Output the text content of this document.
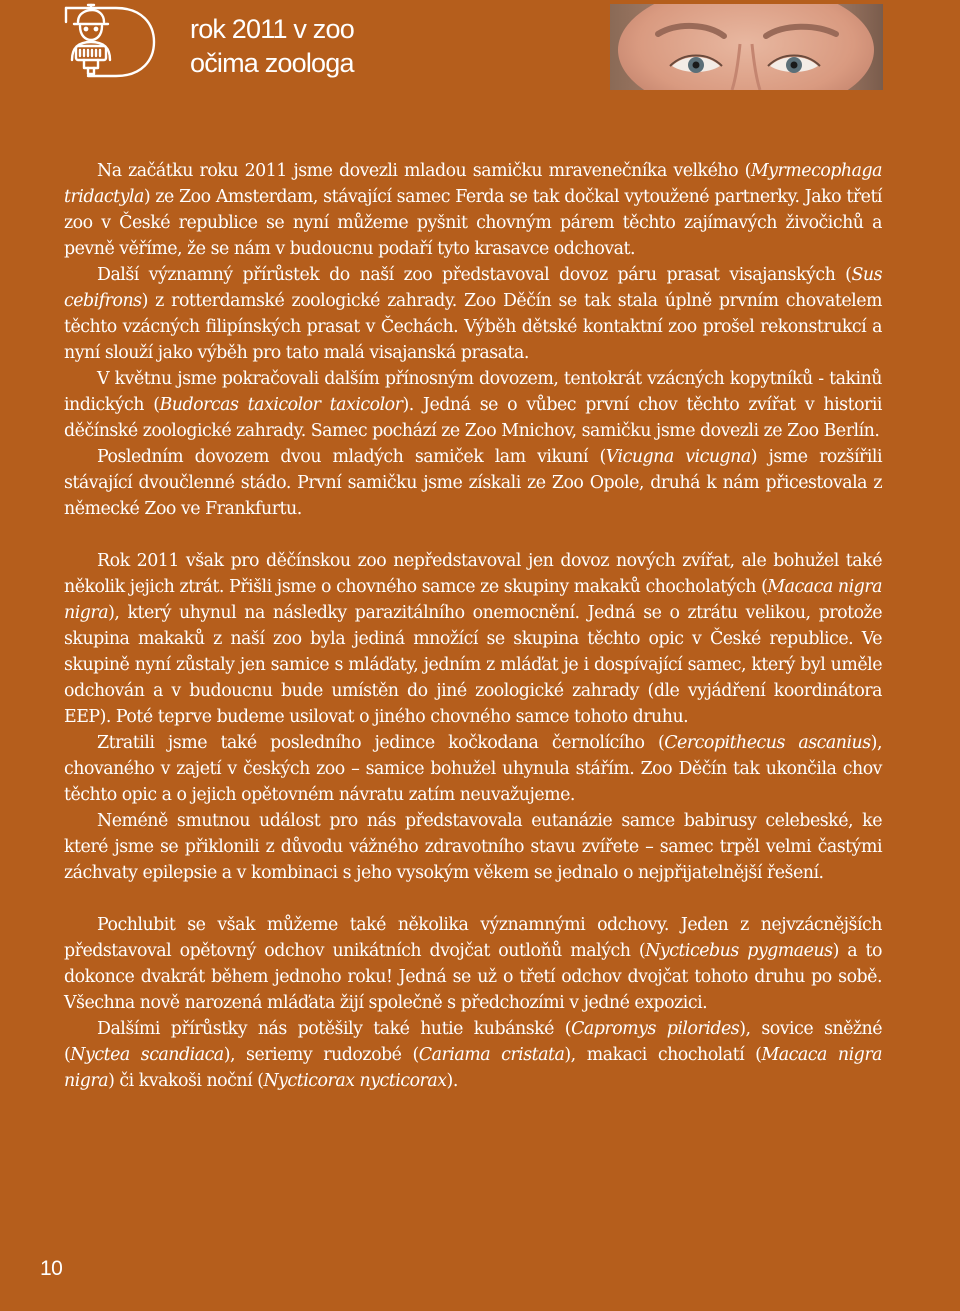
rok 2011 v zoo
očima zoologa

Na začátku roku 2011 jsme dovezli mladou samičku mravenečníka velkého (Myrmecophaga tridactyla) ze Zoo Amsterdam, stávající samec Ferda se tak dočkal vytoužené partnerky. Jako třetí zoo v České republice se nyní můžeme pyšnit chovným párem těchto zajímavých živočichů a pevně věříme, že se nám v budoucnu podaří tyto krasavce odchovat.

Další významný přírůstek do naší zoo představoval dovoz páru prasat visajanských (Sus cebifrons) z rotterdamské zoologické zahrady. Zoo Děčín se tak stala úplně prvním chovatelem těchto vzácných filipínských prasat v Čechách. Výběh dětské kontaktní zoo prošel rekonstrukcí a nyní slouží jako výběh pro tato malá visajanská prasata.

V květnu jsme pokračovali dalším přínosným dovozem, tentokrát vzácných kopytníků - takinů indických (Budorcas taxicolor taxicolor). Jedná se o vůbec první chov těchto zvířat v historii děčínské zoologické zahrady. Samec pochází ze Zoo Mnichov, samičku jsme dovezli ze Zoo Berlín.

Posledním dovozem dvou mladých samiček lam vikuní (Vicugna vicugna) jsme rozšířili stávající dvoučlenné stádo. První samičku jsme získali ze Zoo Opole, druhá k nám přicestovala z německé Zoo ve Frankfurtu.

Rok 2011 však pro děčínskou zoo nepředstavoval jen dovoz nových zvířat, ale bohužel také několik jejich ztrát. Přišli jsme o chovného samce ze skupiny makaků chocholatých (Macaca nigra nigra), který uhynul na následky parazitálního onemocnění. Jedná se o ztrátu velikou, protože skupina makaků z naší zoo byla jediná množící se skupina těchto opic v České republice. Ve skupině nyní zůstaly jen samice s mláďaty, jedním z mláďat je i dospívající samec, který byl uměle odchován a v budoucnu bude umístěn do jiné zoologické zahrady (dle vyjádření koordinátora EEP). Poté teprve budeme usilovat o jiného chovného samce tohoto druhu.

Ztratili jsme také posledního jedince kočkodana černolícího (Cercopithecus ascanius), chovaného v zajetí v českých zoo – samice bohužel uhynula stářím. Zoo Děčín tak ukončila chov těchto opic a o jejich opětovném návratu zatím neuvažujeme.

Neméně smutnou událost pro nás představovala eutanázie samce babirusy celebeské, ke které jsme se přiklonili z důvodu vážného zdravotního stavu zvířete – samec trpěl velmi častými záchvaty epilepsie a v kombinaci s jeho vysokým věkem se jednalo o nejpřijatelnější řešení.

Pochlubit se však můžeme také několika významnými odchovy. Jeden z nejvzácnějších představoval opětovný odchov unikátních dvojčat outloňů malých (Nycticebus pygmaeus) a to dokonce dvakrát během jednoho roku! Jedná se už o třetí odchov dvojčat tohoto druhu po sobě. Všechna nově narozená mláďata žijí společně s předchozími v jedné expozici.

Dalšími přírůstky nás potěšily také hutie kubánské (Capromys pilorides), sovice sněžné (Nyctea scandiaca), seriemy rudozobé (Cariama cristata), makaci chocholatí (Macaca nigra nigra) či kvakoši noční (Nycticorax nycticorax).

10
